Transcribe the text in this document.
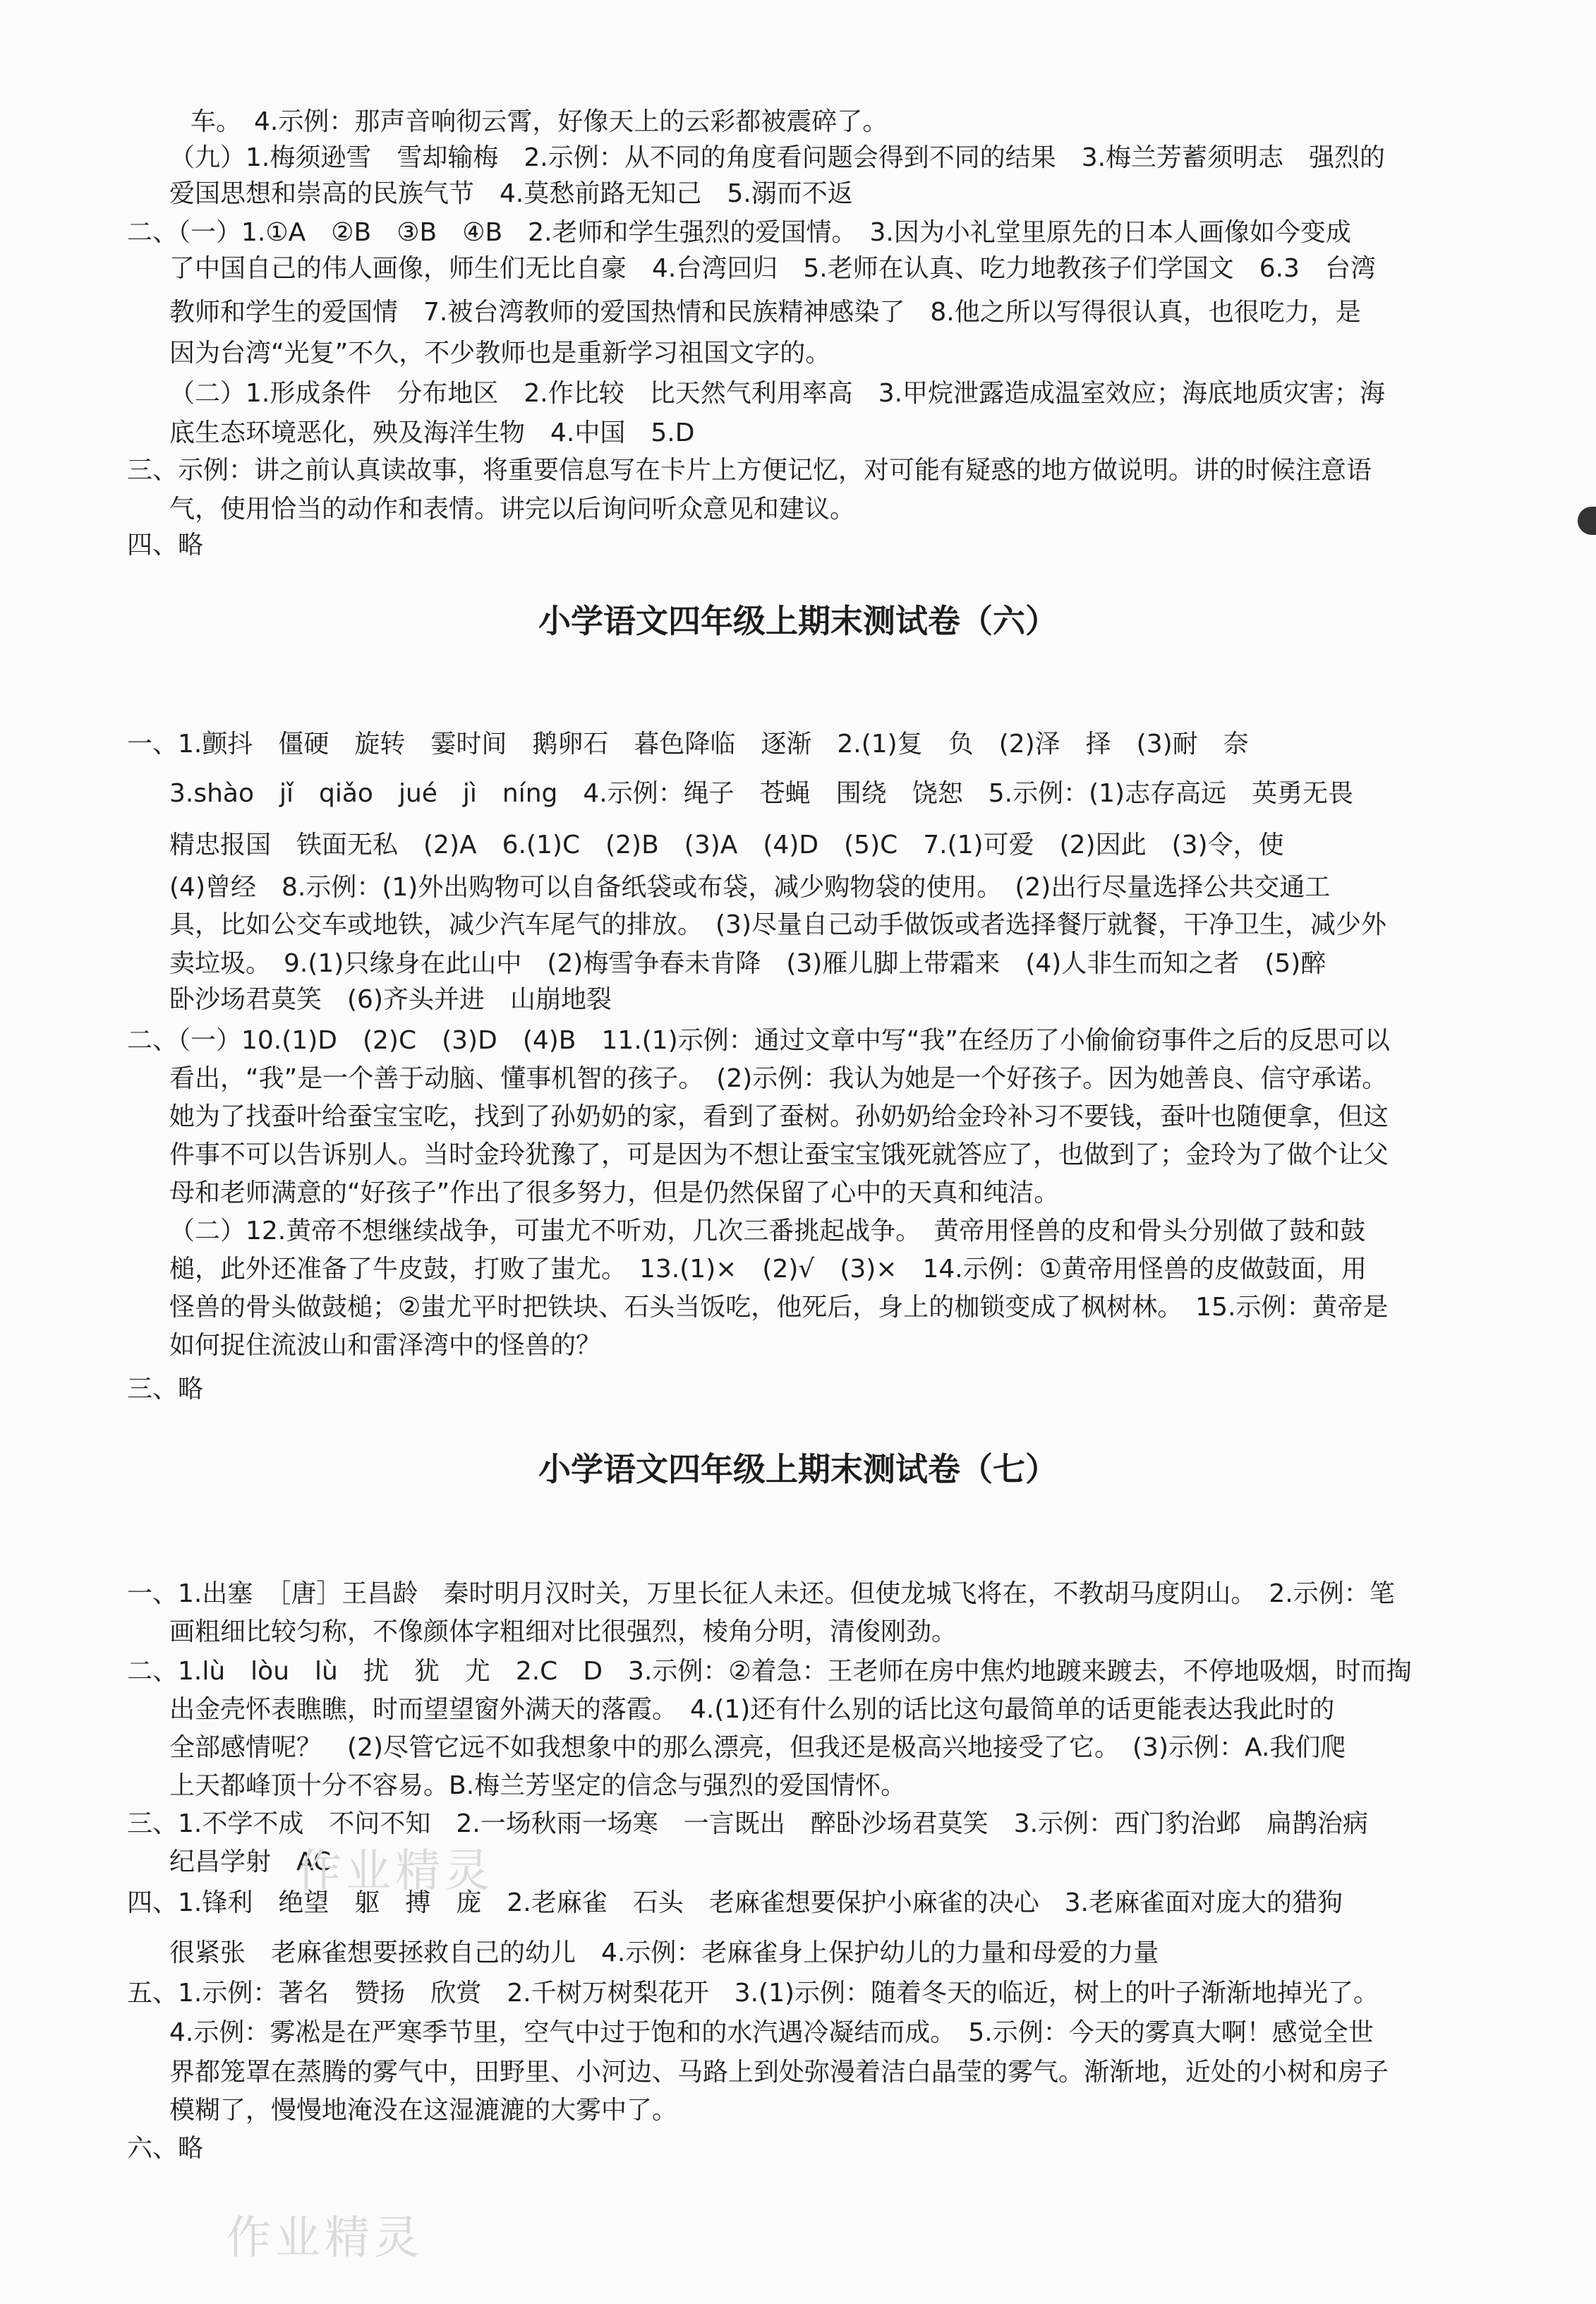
车。　4.示例：那声音响彻云霄，好像天上的云彩都被震碎了。
（九）1.梅须逊雪　雪却输梅　2.示例：从不同的角度看问题会得到不同的结果　3.梅兰芳蓄须明志　强烈的
爱国思想和崇高的民族气节　4.莫愁前路无知己　5.溺而不返
二、（一）1.①A　②B　③B　④B　2.老师和学生强烈的爱国情。　3.因为小礼堂里原先的日本人画像如今变成
了中国自己的伟人画像，师生们无比自豪　4.台湾回归　5.老师在认真、吃力地教孩子们学国文　6.3　台湾
教师和学生的爱国情　7.被台湾教师的爱国热情和民族精神感染了　8.他之所以写得很认真，也很吃力，是
因为台湾“光复”不久，不少教师也是重新学习祖国文字的。
（二）1.形成条件　分布地区　2.作比较　比天然气利用率高　3.甲烷泄露造成温室效应；海底地质灾害；海
底生态环境恶化，殃及海洋生物　4.中国　5.D
三、示例：讲之前认真读故事，将重要信息写在卡片上方便记忆，对可能有疑惑的地方做说明。讲的时候注意语
气，使用恰当的动作和表情。讲完以后询问听众意见和建议。
四、略
小学语文四年级上期末测试卷（六）
一、1.颤抖　僵硬　旋转　霎时间　鹅卵石　暮色降临　逐渐　2.(1)复　负　(2)泽　择　(3)耐　奈
3.shào　jǐ　qiǎo　jué　jì　níng　4.示例：绳子　苍蝇　围绕　饶恕　5.示例：(1)志存高远　英勇无畏
精忠报国　铁面无私　(2)A　6.(1)C　(2)B　(3)A　(4)D　(5)C　7.(1)可爱　(2)因此　(3)令，使
(4)曾经　8.示例：(1)外出购物可以自备纸袋或布袋，减少购物袋的使用。　(2)出行尽量选择公共交通工
具，比如公交车或地铁，减少汽车尾气的排放。　(3)尽量自己动手做饭或者选择餐厅就餐，干净卫生，减少外
卖垃圾。　9.(1)只缘身在此山中　(2)梅雪争春未肯降　(3)雁儿脚上带霜来　(4)人非生而知之者　(5)醉
卧沙场君莫笑　(6)齐头并进　山崩地裂
二、（一）10.(1)D　(2)C　(3)D　(4)B　11.(1)示例：通过文章中写“我”在经历了小偷偷窃事件之后的反思可以
看出，“我”是一个善于动脑、懂事机智的孩子。　(2)示例：我认为她是一个好孩子。因为她善良、信守承诺。
她为了找蚕叶给蚕宝宝吃，找到了孙奶奶的家，看到了蚕树。孙奶奶给金玲补习不要钱，蚕叶也随便拿，但这
件事不可以告诉别人。当时金玲犹豫了，可是因为不想让蚕宝宝饿死就答应了，也做到了；金玲为了做个让父
母和老师满意的“好孩子”作出了很多努力，但是仍然保留了心中的天真和纯洁。
（二）12.黄帝不想继续战争，可蚩尤不听劝，几次三番挑起战争。　黄帝用怪兽的皮和骨头分别做了鼓和鼓
槌，此外还准备了牛皮鼓，打败了蚩尤。　13.(1)×　(2)√　(3)×　14.示例：①黄帝用怪兽的皮做鼓面，用
怪兽的骨头做鼓槌；②蚩尤平时把铁块、石头当饭吃，他死后，身上的枷锁变成了枫树林。　15.示例：黄帝是
如何捉住流波山和雷泽湾中的怪兽的？
三、略
小学语文四年级上期末测试卷（七）
一、1.出塞　［唐］王昌龄　秦时明月汉时关，万里长征人未还。但使龙城飞将在，不教胡马度阴山。　2.示例：笔
画粗细比较匀称，不像颜体字粗细对比很强烈，棱角分明，清俊刚劲。
二、1.lù　lòu　lù　扰　犹　尤　2.C　D　3.示例：②着急：王老师在房中焦灼地踱来踱去，不停地吸烟，时而掏
出金壳怀表瞧瞧，时而望望窗外满天的落霞。　4.(1)还有什么别的话比这句最简单的话更能表达我此时的
全部感情呢？　(2)尽管它远不如我想象中的那么漂亮，但我还是极高兴地接受了它。　(3)示例：A.我们爬
上天都峰顶十分不容易。B.梅兰芳坚定的信念与强烈的爱国情怀。
三、1.不学不成　不问不知　2.一场秋雨一场寒　一言既出　醉卧沙场君莫笑　3.示例：西门豹治邺　扁鹊治病
纪昌学射　AC
四、1.锋利　绝望　躯　搏　庞　2.老麻雀　石头　老麻雀想要保护小麻雀的决心　3.老麻雀面对庞大的猎狗
很紧张　老麻雀想要拯救自己的幼儿　4.示例：老麻雀身上保护幼儿的力量和母爱的力量
五、1.示例：著名　赞扬　欣赏　2.千树万树梨花开　3.(1)示例：随着冬天的临近，树上的叶子渐渐地掉光了。
4.示例：雾凇是在严寒季节里，空气中过于饱和的水汽遇冷凝结而成。　5.示例：今天的雾真大啊！感觉全世
界都笼罩在蒸腾的雾气中，田野里、小河边、马路上到处弥漫着洁白晶莹的雾气。渐渐地，近处的小树和房子
模糊了，慢慢地淹没在这湿漉漉的大雾中了。
六、略
作业精灵
作业精灵
